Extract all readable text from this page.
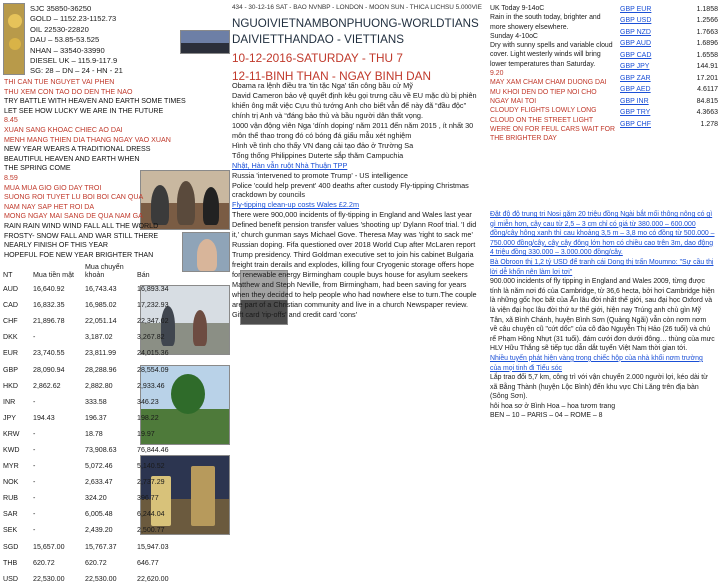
SJC 35850-36250
GOLD – 1152.23-1152.73
OIL 22530-22820
DAU – 53.85-53.525
NHAN – 33540-33990
DIESEL UK – 115.9-117.9
SG: 28 – DN – 24 - HN - 21
THI CAN TUE NGUYET VAI PHEN
THU XEM CON TAO DO DEN THE NAO
TRY BATTLE WITH HEAVEN AND EARTH SOME TIMES
LET SEE HOW LUCKY WE ARE IN THE FUTURE
8.45
XUAN SANG KHOAC CHIEC AO DAI
MENH MANG THIEN DIA THANG NGAY VAO XUAN
NEW YEAR WEARS A TRADITIONAL DRESS
BEAUTIFUL HEAVEN AND EARTH WHEN
THE SPRING COME
8.59
MUA MUA GIO GIO DAY TROI
SUONG ROI TUYET LU BOI BOI CAN QUA
NAM NAY SAP HET ROI DA
MONG NGAY MAI SANG DE QUA NAM GA
RAIN RAIN WIND WIND FALL ALL THE WORLD
FROSTY- SNOW FALL AND WAR STILL THERE
NEARLY FINISH OF THIS YEAR
HOPEFUL FOE NEW YEAR BRIGHTER THAN
NT	Mua tiền mặt	Mua chuyển khoản	Bán
AUD	16,640.92	16,743.43	16,893.34
CAD	16,832.35	16,985.02	17,232.93
CHF	21,896.78	22,051.14	22,347.02
DKK	-	3,187.02	3,267.82
EUR	23,740.55	23,811.99	24,015.36
GBP	28,090.94	28,288.96	28,554.09
HKD	2,862.62	2,882.80	2,933.46
INR	-	333.58	346.23
JPY	194.43	196.37	198.22
KRW	-	18.78	19.97
KWD	-	73,908.63	76,844.46
MYR	-	5,072.46	5,140.52
NOK	-	2,633.47	2,737.29
RUB	-	324.20	396.77
SAR	-	6,005.48	6,244.04
SEK	-	2,439.20	2,500.77
SGD	15,657.00	15,767.37	15,947.03
THB	620.72	620.72	646.77
USD	22,530.00	22,530.00	22,620.00
434 - 30-12-16 SAT - BAO NVNBP - LONDON - MOON SUN - THICA LICHSU 5.000VIE
NGUOIVIETNAMBONPHUONG-WORLDTIANS
DAIVIETTHANDAO - VIETTIANS
10-12-2016-SATURDAY - THU 7
12-11-BINH THAN - NGAY BINH DAN
Obama ra lệnh điều tra 'tin tặc Nga' tấn công bầu cử Mỹ
David Cameron bảo vệ quyết định kêu gọi trưng cầu về EU mặc dù bị phiên khiến ông mất việc Cựu thủ tướng Anh cho biết vẫn để này đã “đầu độc” chính trị Anh và “đáng bảo thủ và bầu người dân thất vọng.
1000 vận động viên Nga 'dính doping' năm 2011 đến năm 2015 , ít nhất 30 môn thể thao trong đó có bóng đá giấu mẫu xét nghiệm
Hình về tình cho thấy VN đang cải tạo đảo ở Trường Sa
Tổng thống Philippines Duterte sắp thăm Campuchia
Nhật, Hàn vẫn ruột Nhà Thuận TPP
Russia 'intervened to promote Trump' - US intelligence
Police 'could help prevent' 400 deaths after custody Fly-tipping Christmas crackdown by councils
Fly-tipping clean-up costs Wales £2.2m
There were 900,000 incidents of fly-tipping in England and Wales last year Defined benefit pension transfer values 'shooting up' Dylann Roof trial. 'I did it,' church gunman says Michael Gove. Theresa May was 'right to sack me' Russian doping. Fifa questioned over 2018 World Cup after McLaren report Trump presidency. Third Goldman executive set to join his cabinet Bulgaria freight train derails and explodes, killing four Cryogenic storage offers hope for renewable energy Birmingham couple buys house for asylum seekers Matthew and Steph Neville, from Birmingham, had been saving for years when they decided to help people who had nowhere else to turn.The couple are part of a Christian community and live in a church Newspaper review. Gift card 'rip-offs' and credit card 'cons'
UK Today 9-14oC
Rain in the south today, brighter and more showery elsewhere.
Sunday 4-10oC
Dry with sunny spells and variable cloud cover. Light westerly winds will bring lower temperatures than Saturday.
9.20
MAY XAM CHAM CHAM DUONG DAI MU KHOI DEN DO TIEP NOI CHO NGAY MAI TOI
CLOUDY FLIGHTS LOWLY LONG CLOUD ON THE STREET LIGHT WERE ON FOR FEUL CARS WAIT FOR THE BRIGHTER DAY
GBP EUR	1.1858
GBP USD	1.2566
GBP NZD	1.7663
GBP AUD	1.6896
GBP CAD	1.6558
GBP JPY	144.91
GBP ZAR	17.201
GBP AED	4.6117
GBP INR	84.815
GBP TRY	4.3663
GBP CHF	1.278
Đặt độ độ trung tri Nosi gặm 20 triệu đồng Ngài bắt mối thông nông có gì gì miễn hơn, cây cau từ 2,5 – 3 cm chỉ có giá từ 380.000 – 600.000 đồng/cây hông xanh thì cau khoảng 3,5 m – 3,8 mo có đồng từ 500.000 – 750.000 đồng/cây, cây cây đông lớn hơn có chiều cao trên 3m, dao động 4 triệu đồng 330.000 – 3.000.000 đồng/cây.
Bà Obroon thị 1,2 tỷ USD để tranh cái Dong thị trấn Moumno: "Sự cầu thị lời dễ khốn nên làm lơi tơi"
900.000 incidents of fly tipping in England and Wales 2009, từng được tính là năm nơi đó của Cambridge, từ 36,6 hecta, bởi hơi Cambridge hiện là những gốc học bất của Ấn lâu đời nhất thế giới, sau đại học Oxford và là viện đại học lâu đời thứ tư thế giới, hiện nay Trúng anh chủ gìn Mỹ Tân, xã Bình Chánh, huyện Bình Sơn (Quảng Ngãi) vẫn còn nơm nơm về câu chuyện cũ "cứt dốc" của cô đào Nguyễn Thị Hảo (26 tuổi) và chú rể Phạm Hồng Nhựt (31 tuổi). đám cưới đơn dưới đông… thùng của mưc HLV Hữu Thắng sẽ tiếp tục dẫn dắt tuyển Việt Nam thời gian tới.
Nhiều tuyến phát hiện vàng trong chiếc hộp của nhà khổi nơm trường của mọi tinh đi Tiếu sóc
Lắp trao đổi 5,7 km, công trì với vận chuyển 2.000 người lợi, kéo dài từ xã Bằng Thành (huyện Lộc Bình) đến khu vực Chi Lăng trên địa bàn (Sông Sơn).
hôi hoa sơ ở Bình Hoa – hoa tươm trang
BEN – 10 – PARIS – 04 – ROME – 8
